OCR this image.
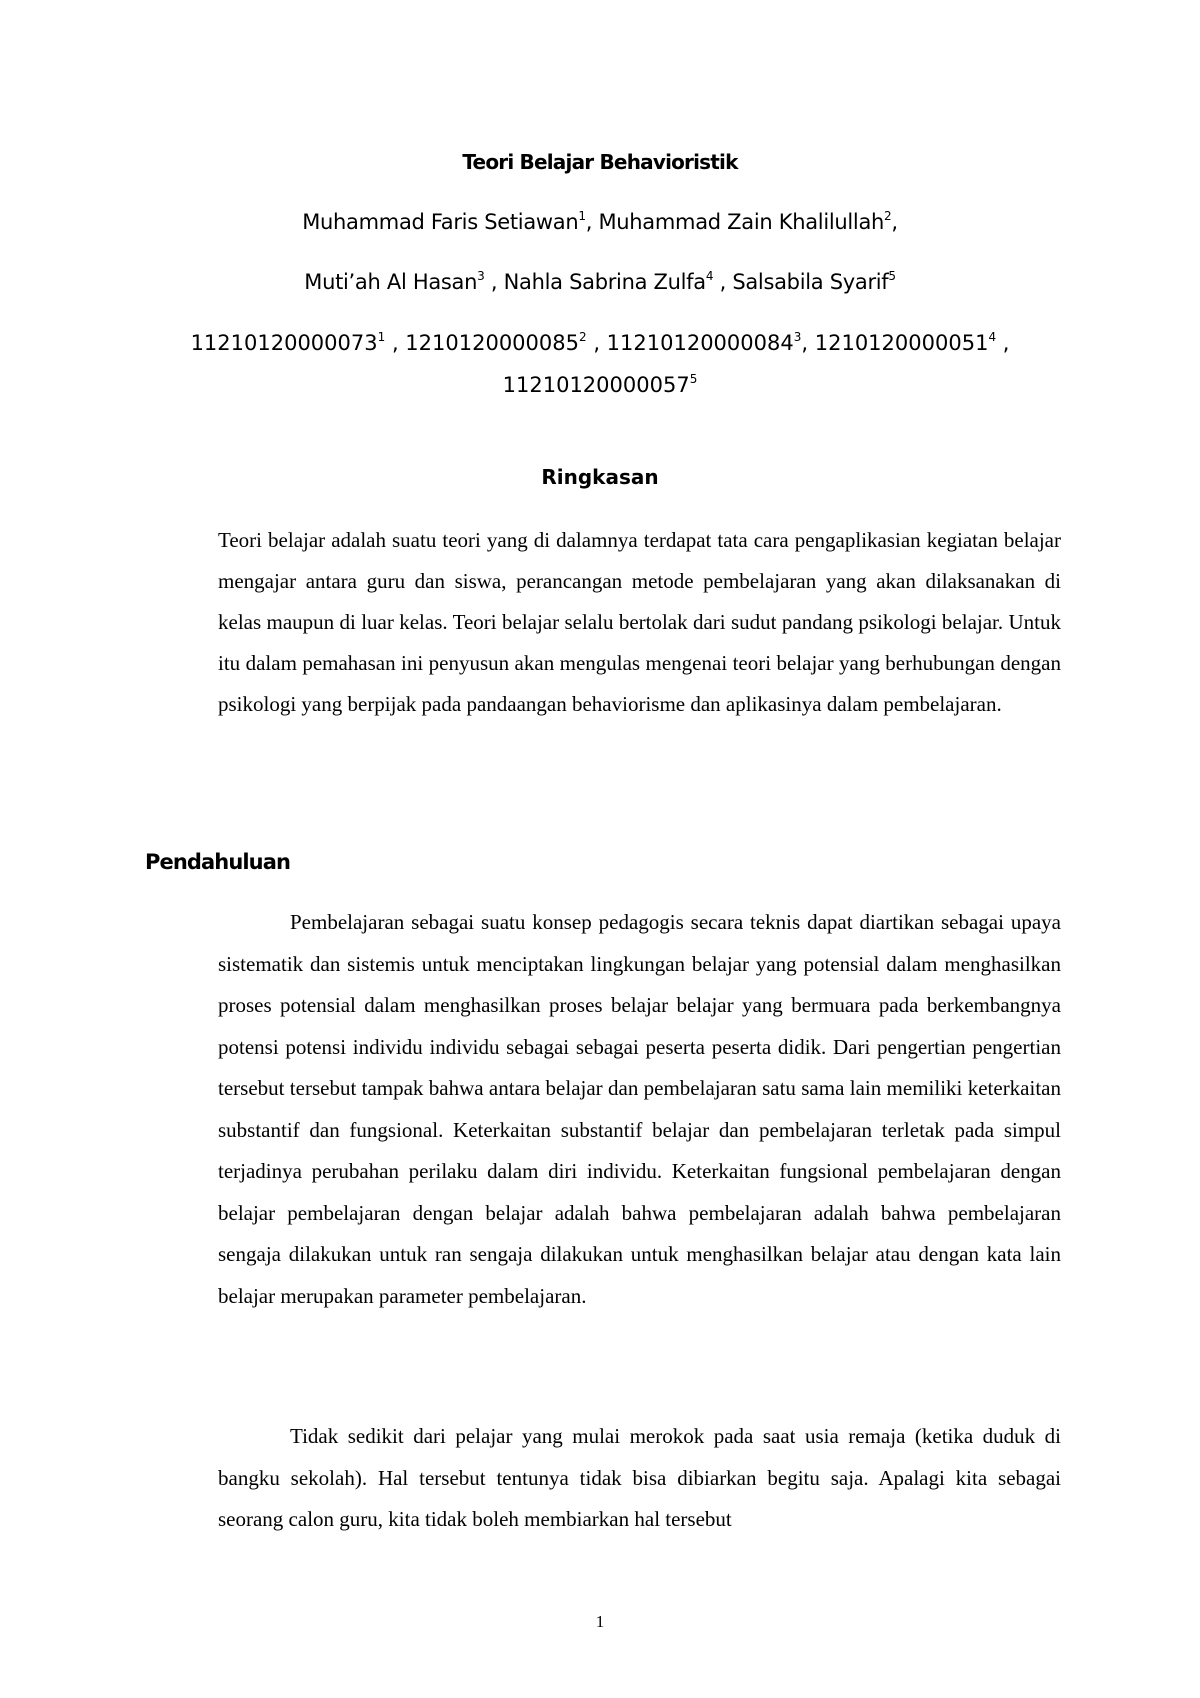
Teori Belajar Behavioristik

Muhammad Faris Setiawan$^1$, Muhammad Zain Khalilullah$^2$,

Muti’ah Al Hasan$^3$ , Nahla Sabrina Zulfa$^4$ , Salsabila Syarif$^5$

11210120000073$^1$ , 1210120000085$^2$ , 11210120000084$^3$, 1210120000051$^4$ ,

11210120000057$^5$

Ringkasan

Teori belajar adalah suatu teori yang di dalamnya terdapat tata cara pengaplikasian kegiatan belajar mengajar antara guru dan siswa, perancangan metode pembelajaran yang akan dilaksanakan di kelas maupun di luar kelas. Teori belajar selalu bertolak dari sudut pandang psikologi belajar. Untuk itu dalam pemahasan ini penyusun akan mengulas mengenai teori belajar yang berhubungan dengan psikologi yang berpijak pada pandaangan behaviorisme dan aplikasinya dalam pembelajaran.

Pendahuluan

Pembelajaran sebagai suatu konsep pedagogis secara teknis dapat diartikan sebagai upaya sistematik dan sistemis untuk menciptakan lingkungan belajar yang potensial dalam menghasilkan proses potensial dalam menghasilkan proses belajar belajar yang bermuara pada berkembangnya potensi potensi individu individu sebagai sebagai peserta peserta didik. Dari pengertian pengertian tersebut tersebut tampak bahwa antara belajar dan pembelajaran satu sama lain memiliki keterkaitan substantif dan fungsional. Keterkaitan substantif belajar dan pembelajaran terletak pada simpul terjadinya perubahan perilaku dalam diri individu. Keterkaitan fungsional pembelajaran dengan belajar pembelajaran dengan belajar adalah bahwa pembelajaran adalah bahwa pembelajaran sengaja dilakukan untuk ran sengaja dilakukan untuk menghasilkan belajar atau dengan kata lain belajar merupakan parameter pembelajaran.

Tidak sedikit dari pelajar yang mulai merokok pada saat usia remaja (ketika duduk di bangku sekolah). Hal tersebut tentunya tidak bisa dibiarkan begitu saja. Apalagi kita sebagai seorang calon guru, kita tidak boleh membiarkan hal tersebut

1
